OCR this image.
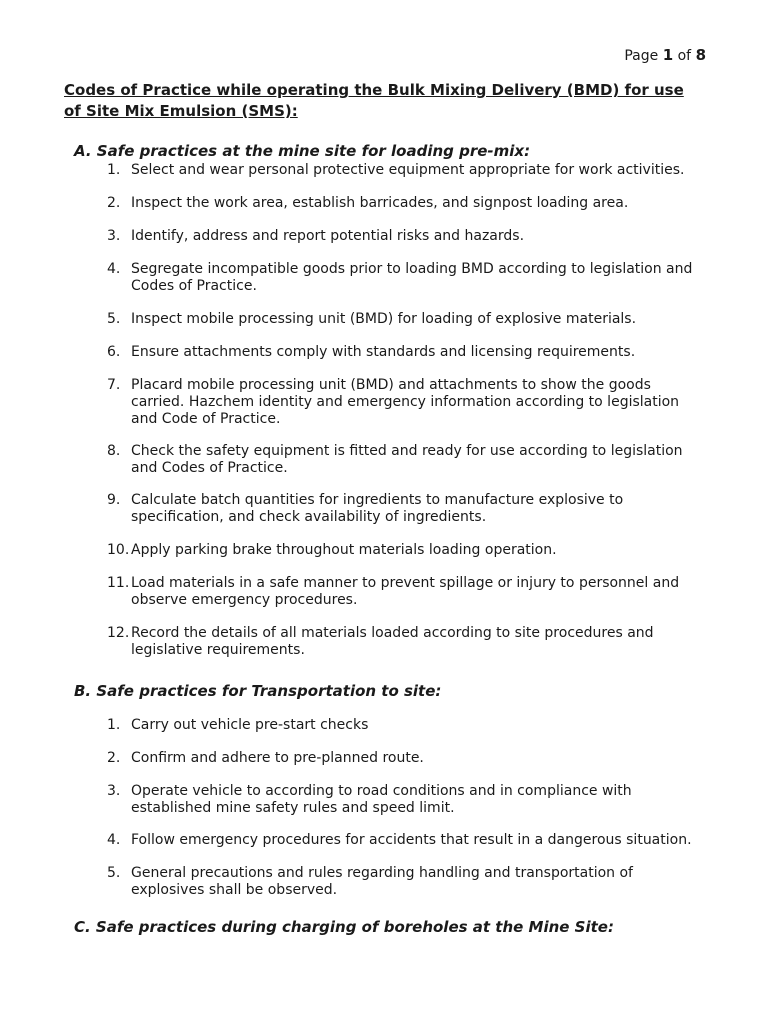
Page 1 of 8
Codes of Practice while operating the Bulk Mixing Delivery (BMD) for use of Site Mix Emulsion (SMS):
A. Safe practices at the mine site for loading pre-mix:
1. Select and wear personal protective equipment appropriate for work activities.
2. Inspect the work area, establish barricades, and signpost loading area.
3. Identify, address and report potential risks and hazards.
4. Segregate incompatible goods prior to loading BMD according to legislation and Codes of Practice.
5. Inspect mobile processing unit (BMD) for loading of explosive materials.
6. Ensure attachments comply with standards and licensing requirements.
7. Placard mobile processing unit (BMD) and attachments to show the goods carried. Hazchem identity and emergency information according to legislation and Code of Practice.
8. Check the safety equipment is fitted and ready for use according to legislation and Codes of Practice.
9. Calculate batch quantities for ingredients to manufacture explosive to specification, and check availability of ingredients.
10. Apply parking brake throughout materials loading operation.
11. Load materials in a safe manner to prevent spillage or injury to personnel and observe emergency procedures.
12. Record the details of all materials loaded according to site procedures and legislative requirements.
B. Safe practices for Transportation to site:
1. Carry out vehicle pre-start checks
2. Confirm and adhere to pre-planned route.
3. Operate vehicle to according to road conditions and in compliance with established mine safety rules and speed limit.
4. Follow emergency procedures for accidents that result in a dangerous situation.
5. General precautions and rules regarding handling and transportation of explosives shall be observed.
C. Safe practices during charging of boreholes at the Mine Site:
